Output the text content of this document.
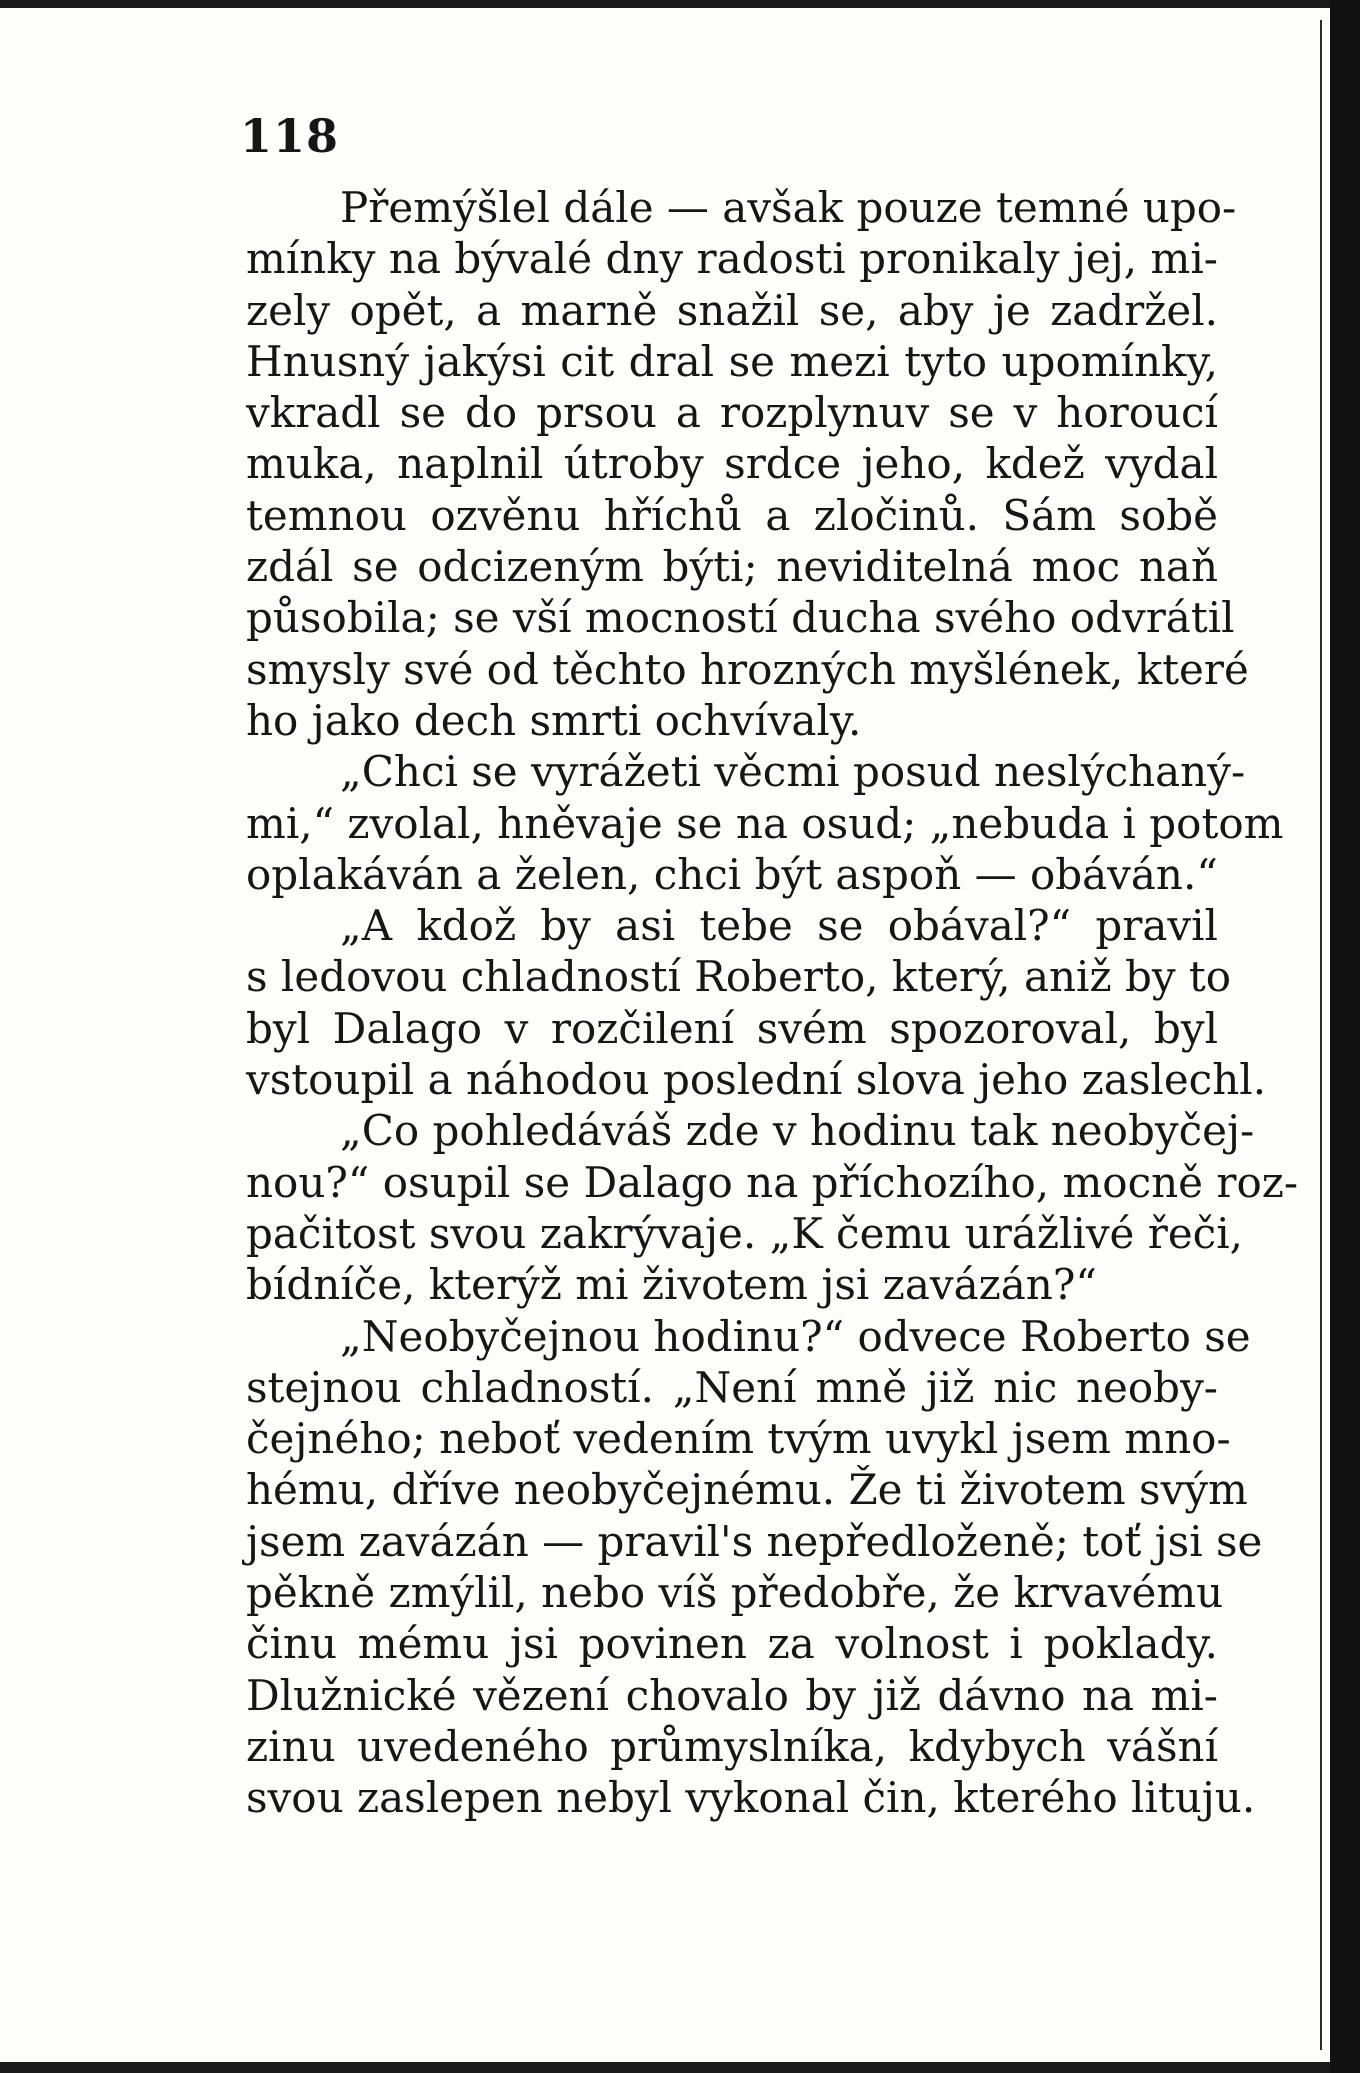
118
Přemýšlel dále — avšak pouze temné upo-
mínky na bývalé dny radosti pronikaly jej, mi-
zely opět, a marně snažil se, aby je zadržel.
Hnusný jakýsi cit dral se mezi tyto upomínky,
vkradl se do prsou a rozplynuv se v horoucí
muka, naplnil útroby srdce jeho, kdež vydal
temnou ozvěnu hříchů a zločinů. Sám sobě
zdál se odcizeným býti; neviditelná moc naň
působila; se vší mocností ducha svého odvrátil
smysly své od těchto hrozných myšlének, které
ho jako dech smrti ochvívaly.
„Chci se vyrážeti věcmi posud neslýchaný-
mi,“ zvolal, hněvaje se na osud; „nebuda i potom
oplakáván a želen, chci být aspoň — obáván.“
„A kdož by asi tebe se obával?“ pravil
s ledovou chladností Roberto, který, aniž by to
byl Dalago v rozčilení svém spozoroval, byl
vstoupil a náhodou poslední slova jeho zaslechl.
„Co pohledáváš zde v hodinu tak neobyčej-
nou?“ osupil se Dalago na příchozího, mocně roz-
pačitost svou zakrývaje. „K čemu urážlivé řeči,
bídníče, kterýž mi životem jsi zavázán?“
„Neobyčejnou hodinu?“ odvece Roberto se
stejnou chladností. „Není mně již nic neoby-
čejného; neboť vedením tvým uvykl jsem mno-
hému, dříve neobyčejnému. Že ti životem svým
jsem zavázán — pravil's nepředloženě; toť jsi se
pěkně zmýlil, nebo víš předobře, že krvavému
činu mému jsi povinen za volnost i poklady.
Dlužnické vězení chovalo by již dávno na mi-
zinu uvedeného průmyslníka, kdybych vášní
svou zaslepen nebyl vykonal čin, kterého lituju.
